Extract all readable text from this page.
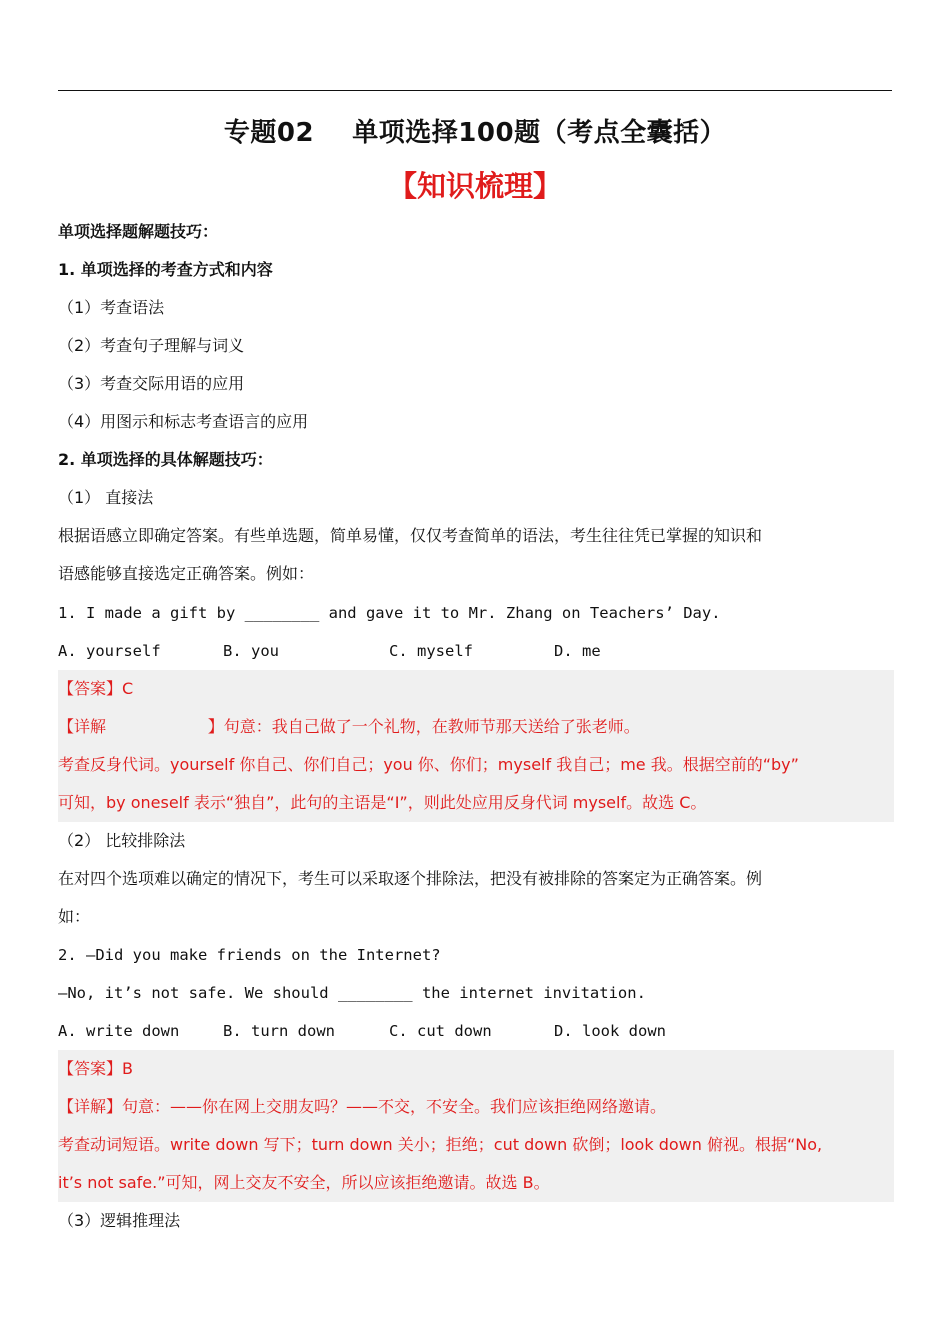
专题02    单项选择100题（考点全囊括）
【知识梳理】
单项选择题解题技巧：
1. 单项选择的考查方式和内容
（1）考查语法
（2）考查句子理解与词义
（3）考查交际用语的应用
（4）用图示和标志考查语言的应用
2. 单项选择的具体解题技巧：
（1） 直接法
根据语感立即确定答案。有些单选题，简单易懂，仅仅考查简单的语法，考生往往凭已掌握的知识和
语感能够直接选定正确答案。例如：
1. I made a gift by ________ and gave it to Mr. Zhang on Teachers’ Day.
A. yourself	B. you	C. myself	D. me
【答案】C
【详解                    】句意：我自己做了一个礼物，在教师节那天送给了张老师。
考查反身代词。yourself 你自己、你们自己；you 你、你们；myself 我自己；me 我。根据空前的“by”
可知，by oneself 表示“独自”，此句的主语是“I”，则此处应用反身代词 myself。故选 C。
（2） 比较排除法
在对四个选项难以确定的情况下，考生可以采取逐个排除法，把没有被排除的答案定为正确答案。例
如：
2. —Did you make friends on the Internet?
—No, it’s not safe. We should ________ the internet invitation.
A. write down	B. turn down	C. cut down	D. look down
【答案】B
【详解】句意：——你在网上交朋友吗？——不交，不安全。我们应该拒绝网络邀请。
考查动词短语。write down 写下；turn down 关小；拒绝；cut down 砍倒；look down 俯视。根据“No,
it’s not safe.”可知，网上交友不安全，所以应该拒绝邀请。故选 B。
（3）逻辑推理法
